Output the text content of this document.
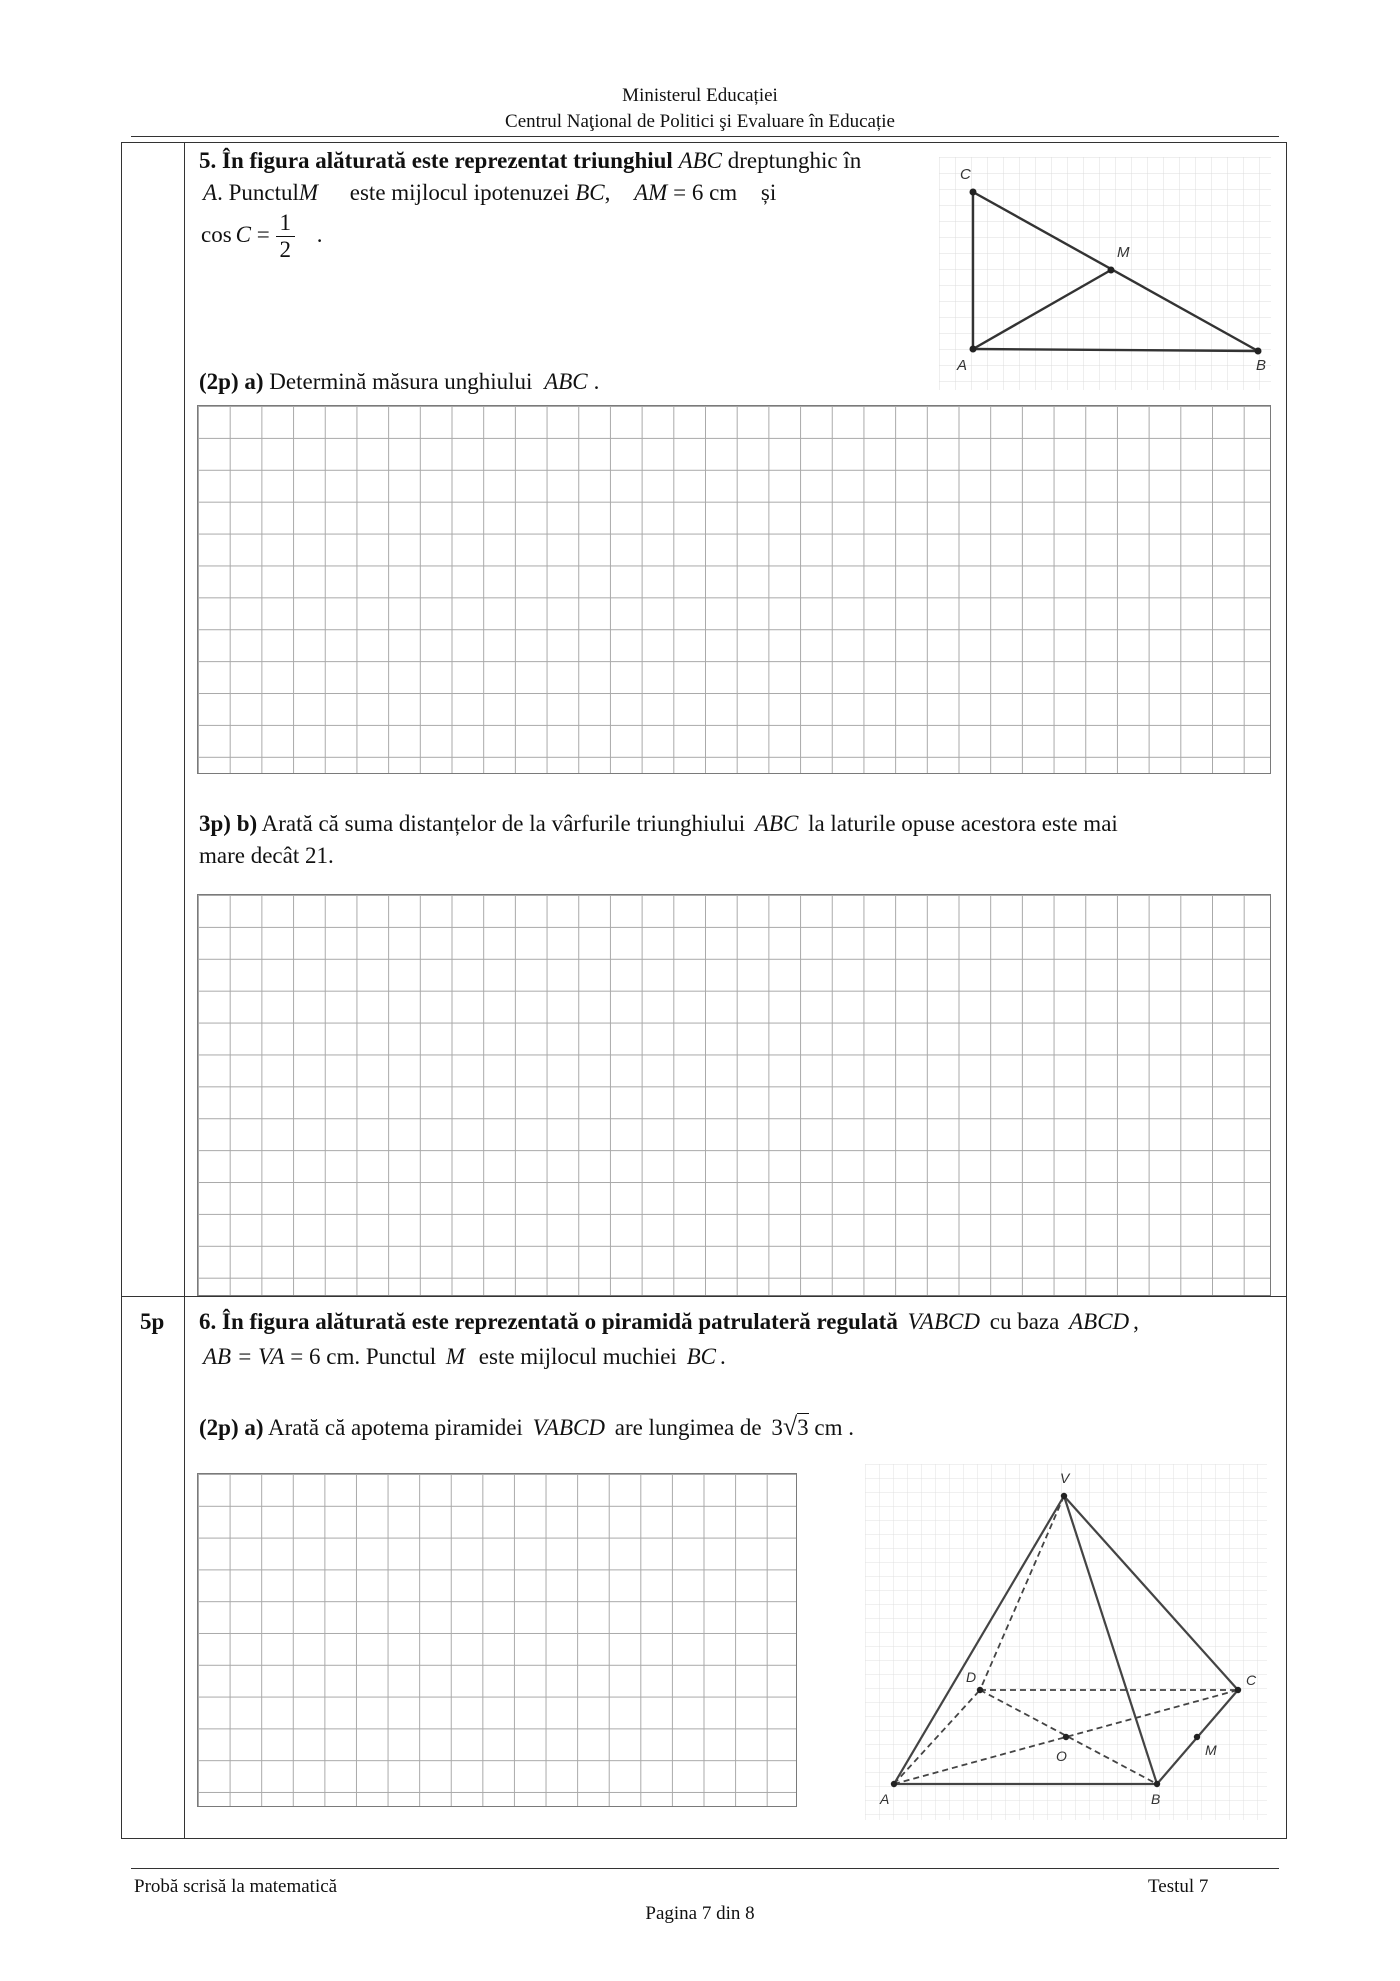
Ministerul Educației
Centrul Naţional de Politici şi Evaluare în Educație
5. În figura alăturată este reprezentat triunghiul ABC dreptunghic în
A. PunctulM este mijlocul ipotenuzei BC, AM = 6 cm și
$\cos C = \frac{1}{2}$ .
C
M
A	B
(2p) a) Determină măsura unghiului ABC .
3p) b) Arată că suma distanțelor de la vârfurile triunghiului ABC la laturile opuse acestora este mai
mare decât 21.
5p 6. În figura alăturată este reprezentată o piramidă patrulateră regulată VABCD cu baza ABCD ,
AB = VA = 6 cm. Punctul M este mijlocul muchiei BC .
(2p) a) Arată că apotema piramidei VABCD are lungimea de 3√3 cm .
V
D	C
O	M
A	B
Probă scrisă la matematică	Testul 7
Pagina 7 din 8
